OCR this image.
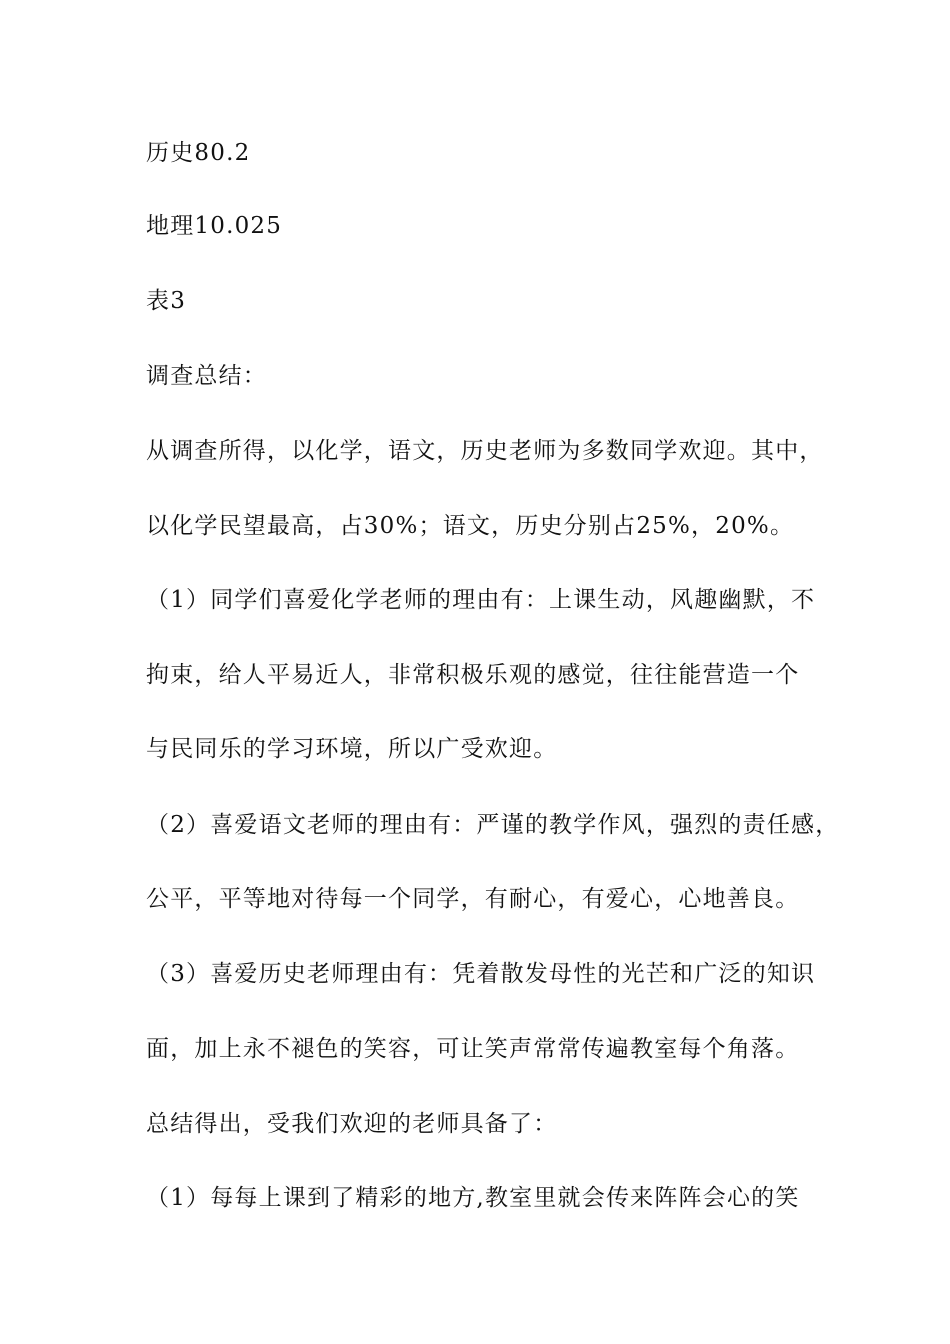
历史80.2
地理10.025
表3
调查总结：
从调查所得，以化学，语文，历史老师为多数同学欢迎。其中，
以化学民望最高，占30%；语文，历史分别占25%，20%。
（1）同学们喜爱化学老师的理由有：上课生动，风趣幽默，不
拘束，给人平易近人，非常积极乐观的感觉，往往能营造一个
与民同乐的学习环境，所以广受欢迎。
（2）喜爱语文老师的理由有：严谨的教学作风，强烈的责任感，
公平，平等地对待每一个同学，有耐心，有爱心，心地善良。
（3）喜爱历史老师理由有：凭着散发母性的光芒和广泛的知识
面，加上永不褪色的笑容，可让笑声常常传遍教室每个角落。
总结得出，受我们欢迎的老师具备了：
（1）每每上课到了精彩的地方,教室里就会传来阵阵会心的笑
